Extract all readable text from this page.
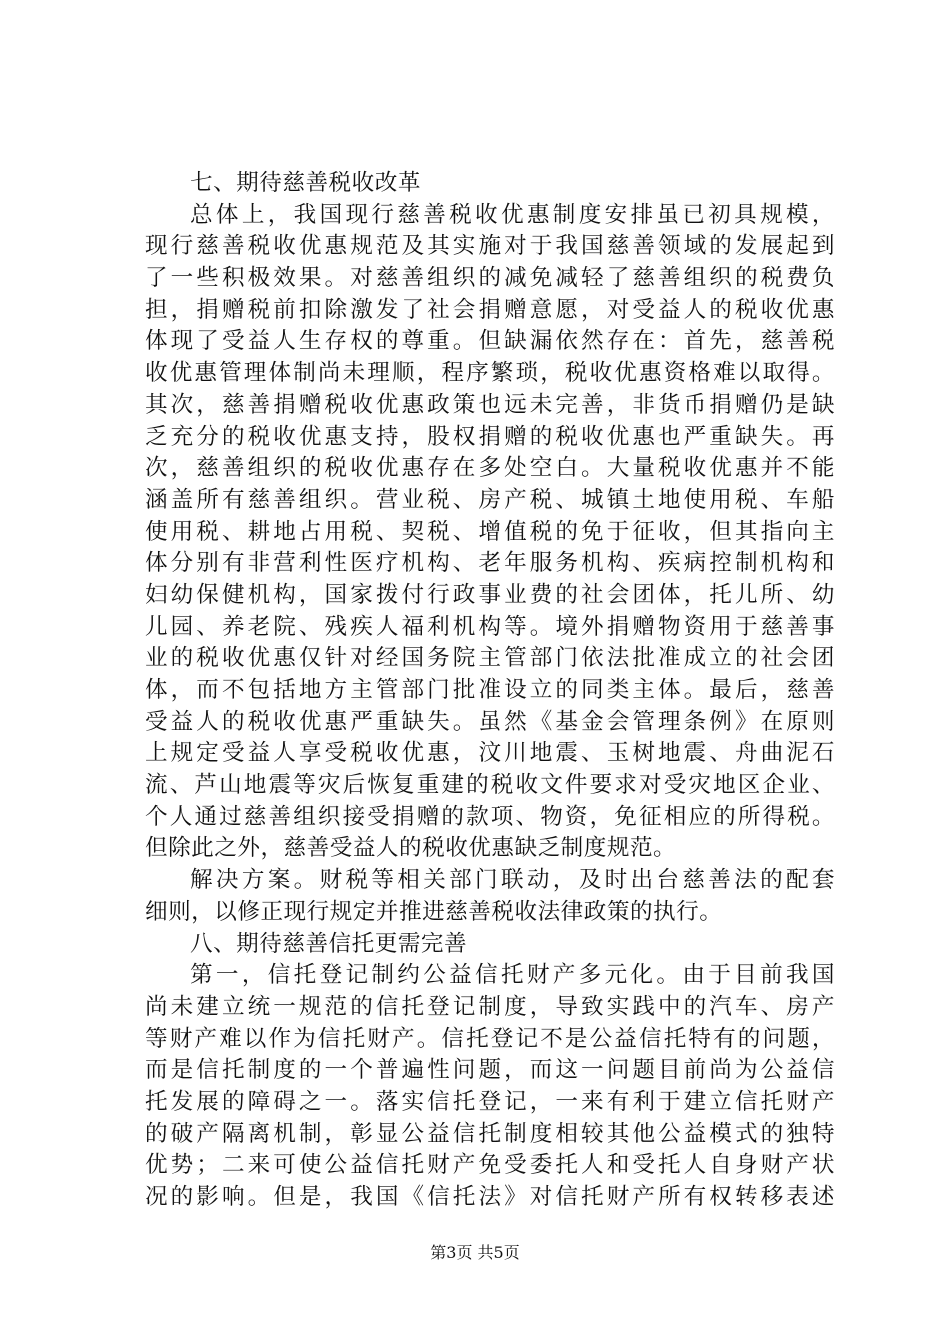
七、期待慈善税收改革
总体上，我国现行慈善税收优惠制度安排虽已初具规模，
现行慈善税收优惠规范及其实施对于我国慈善领域的发展起到
了一些积极效果。对慈善组织的减免减轻了慈善组织的税费负
担，捐赠税前扣除激发了社会捐赠意愿，对受益人的税收优惠
体现了受益人生存权的尊重。但缺漏依然存在：首先，慈善税
收优惠管理体制尚未理顺，程序繁琐，税收优惠资格难以取得。
其次，慈善捐赠税收优惠政策也远未完善，非货币捐赠仍是缺
乏充分的税收优惠支持，股权捐赠的税收优惠也严重缺失。再
次，慈善组织的税收优惠存在多处空白。大量税收优惠并不能
涵盖所有慈善组织。营业税、房产税、城镇土地使用税、车船
使用税、耕地占用税、契税、增值税的免于征收，但其指向主
体分别有非营利性医疗机构、老年服务机构、疾病控制机构和
妇幼保健机构，国家拨付行政事业费的社会团体，托儿所、幼
儿园、养老院、残疾人福利机构等。境外捐赠物资用于慈善事
业的税收优惠仅针对经国务院主管部门依法批准成立的社会团
体，而不包括地方主管部门批准设立的同类主体。最后，慈善
受益人的税收优惠严重缺失。虽然《基金会管理条例》在原则
上规定受益人享受税收优惠，汶川地震、玉树地震、舟曲泥石
流、芦山地震等灾后恢复重建的税收文件要求对受灾地区企业、
个人通过慈善组织接受捐赠的款项、物资，免征相应的所得税。
但除此之外，慈善受益人的税收优惠缺乏制度规范。
解决方案。财税等相关部门联动，及时出台慈善法的配套
细则，以修正现行规定并推进慈善税收法律政策的执行。
八、期待慈善信托更需完善
第一，信托登记制约公益信托财产多元化。由于目前我国
尚未建立统一规范的信托登记制度，导致实践中的汽车、房产
等财产难以作为信托财产。信托登记不是公益信托特有的问题，
而是信托制度的一个普遍性问题，而这一问题目前尚为公益信
托发展的障碍之一。落实信托登记，一来有利于建立信托财产
的破产隔离机制，彰显公益信托制度相较其他公益模式的独特
优势；二来可使公益信托财产免受委托人和受托人自身财产状
况的影响。但是，我国《信托法》对信托财产所有权转移表述
第3页 共5页
